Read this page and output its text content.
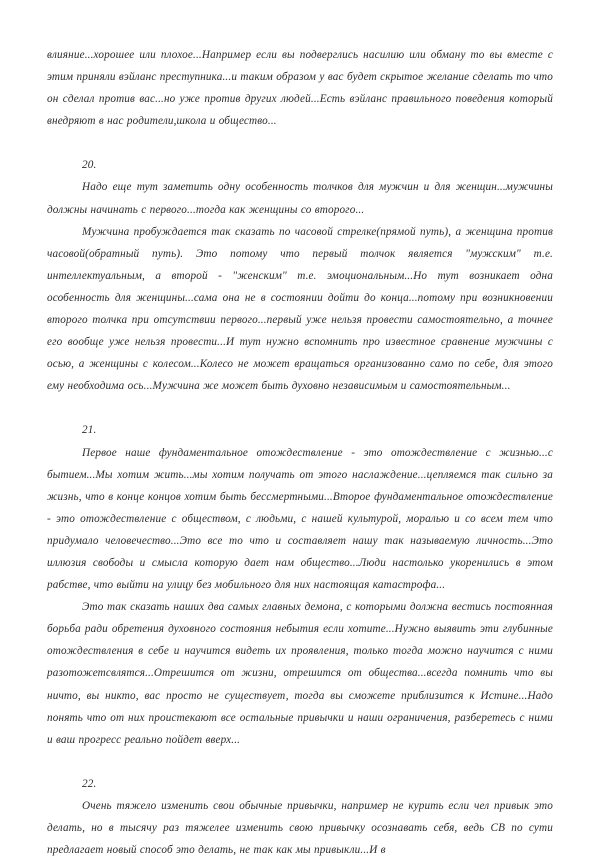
влияние...хорошее или плохое...Например если вы подверглись насилию или обману то вы вместе с этим приняли вэйланс преступника...и таким образом у вас будет скрытое желание сделать то что он сделал против вас...но уже против других людей...Есть вэйланс правильного поведения который внедряют в нас родители,школа и общество...

20.

Надо еще тут заметить одну особенность толчков для мужчин и для женщин...мужчины должны начинать с первого...тогда как женщины со второго...

Мужчина пробуждается так сказать по часовой стрелке(прямой путь), а женщина против часовой(обратный путь). Это потому что первый толчок является "мужским" т.е. интеллектуальным, а второй - "женским" т.е. эмоциональным...Но тут возникает одна особенность для женщины...сама она не в состоянии дойти до конца...потому при возникновении второго толчка при отсутствии первого...первый уже нельзя провести самостоятельно, а точнее его вообще уже нельзя провести...И тут нужно вспомнить про известное сравнение мужчины с осью, а женщины с колесом...Колесо не может вращаться организованно само по себе, для этого ему необходима ось...Мужчина же может быть духовно независимым и самостоятельным...

21.

Первое наше фундаментальное отождествление - это отождествление с жизнью...с бытием...Мы хотим жить...мы хотим получать от этого наслаждение...цепляемся так сильно за жизнь, что в конце концов хотим быть бессмертными...Второе фундаментальное отождествление - это отождествление с обществом, с людьми, с нашей культурой, моралью и со всем тем что придумало человечество...Это все то что и составляет нашу так называемую личность...Это иллюзия свободы и смысла которую дает нам общество...Люди настолько укоренились в этом рабстве, что выйти на улицу без мобильного для них настоящая катастрофа...

Это так сказать наших два самых главных демона, с которыми должна вестись постоянная борьба ради обретения духовного состояния небытия если хотите...Нужно выявить эти глубинные отождествления в себе и научится видеть их проявления, только тогда можно научится с ними разотожетсвлятся...Отрешится от жизни, отрешится от общества...всегда помнить что вы ничто, вы никто, вас просто не существует, тогда вы сможете приблизится к Истине...Надо понять что от них проистекают все остальные привычки и наши ограничения, разберетесь с ними и ваш прогресс реально пойдет вверх...

22.

Очень тяжело изменить свои обычные привычки, например не курить если чел привык это делать, но в тысячу раз тяжелее изменить свою привычку осознавать себя, ведь СВ по сути предлагает новый способ это делать, не так как мы привыкли...И в
